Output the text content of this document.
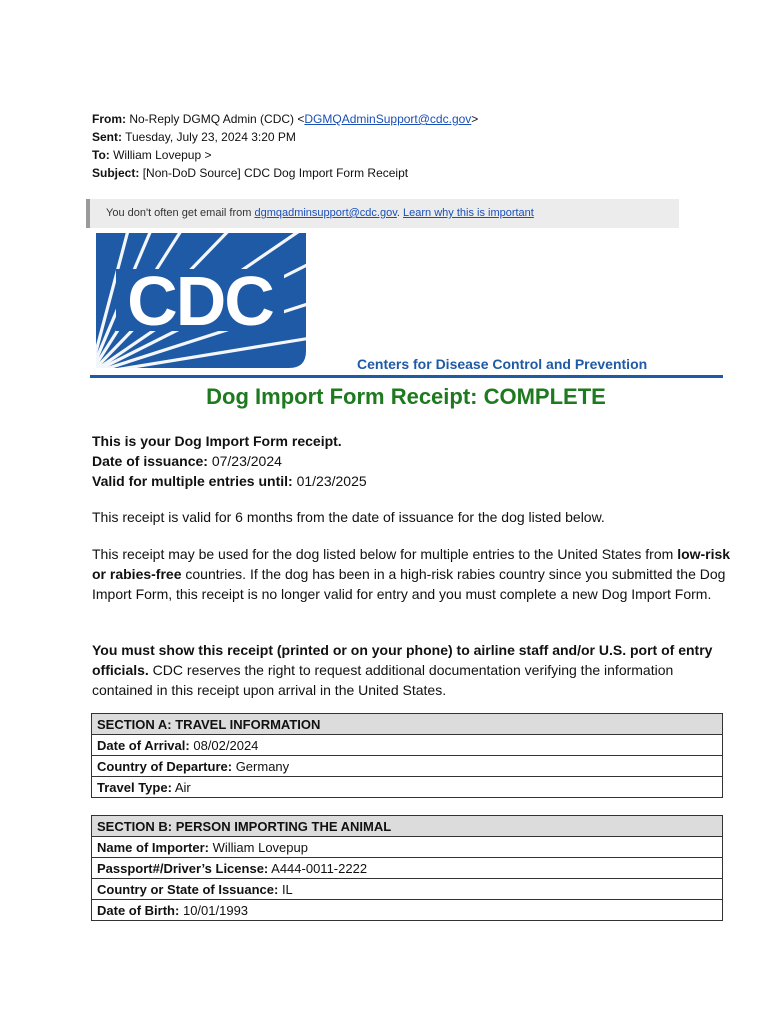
From: No-Reply DGMQ Admin (CDC) <DGMQAdminSupport@cdc.gov>
Sent: Tuesday, July 23, 2024 3:20 PM
To: William Lovepup >
Subject: [Non-DoD Source] CDC Dog Import Form Receipt
You don't often get email from dgmqadminsupport@cdc.gov. Learn why this is important
CDC
Centers for Disease Control and Prevention
Dog Import Form Receipt: COMPLETE
This is your Dog Import Form receipt.
Date of issuance: 07/23/2024
Valid for multiple entries until: 01/23/2025
This receipt is valid for 6 months from the date of issuance for the dog listed below.
This receipt may be used for the dog listed below for multiple entries to the United States from low-risk or rabies-free countries. If the dog has been in a high-risk rabies country since you submitted the Dog Import Form, this receipt is no longer valid for entry and you must complete a new Dog Import Form.
You must show this receipt (printed or on your phone) to airline staff and/or U.S. port of entry officials. CDC reserves the right to request additional documentation verifying the information contained in this receipt upon arrival in the United States.
SECTION A: TRAVEL INFORMATION
Date of Arrival: 08/02/2024
Country of Departure: Germany
Travel Type: Air
SECTION B: PERSON IMPORTING THE ANIMAL
Name of Importer: William Lovepup
Passport#/Driver’s License: A444-0011-2222
Country or State of Issuance: IL
Date of Birth: 10/01/1993
